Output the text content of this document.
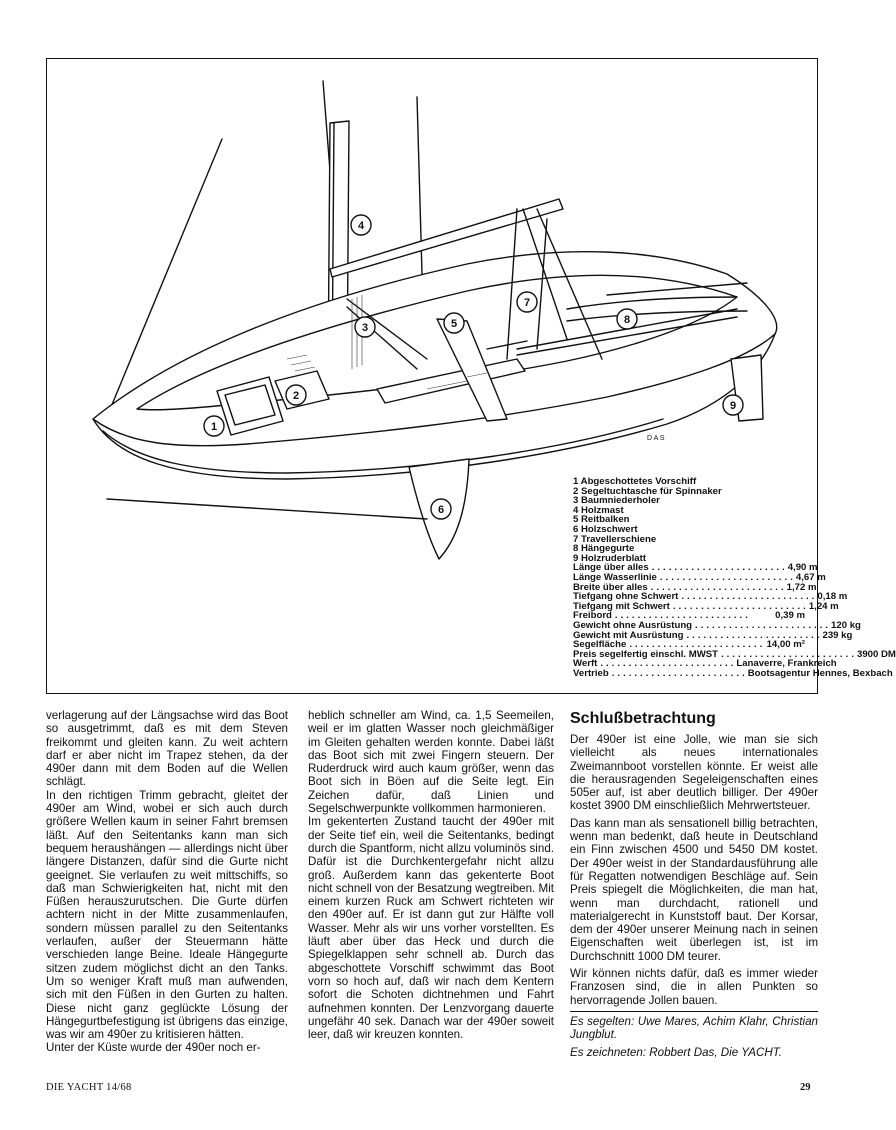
1
2
3
4
5
6
7
8
9
D A S
1 Abgeschottetes Vorschiff
2 Segeltuchtasche für Spinnaker
3 Baumniederholer
4 Holzmast
5 Reitbalken
6 Holzschwert
7 Travellerschiene
8 Hängegurte
9 Holzruderblatt
Länge über alles ........................ 4,90 m
Länge Wasserlinie ........................ 4,67 m
Breite über alles ........................ 1,72 m
Tiefgang ohne Schwert ........................ 0,18 m
Tiefgang mit Schwert ........................ 1,24 m
Freibord ........................	0,39 m
Gewicht ohne Ausrüstung ........................ 120 kg
Gewicht mit Ausrüstung ........................ 239 kg
Segelfläche ........................ 14,00 m²
Preis segelfertig einschl. MWST ........................ 3900 DM
Werft ........................ Lanaverre, Frankreich
Vertrieb ........................ Bootsagentur Hennes, Bexbach

verlagerung auf der Längsachse wird das Boot so ausgetrimmt, daß es mit dem Steven freikommt und gleiten kann. Zu weit achtern darf er aber nicht im Trapez stehen, da der 490er dann mit dem Boden auf die Wellen schlägt.

In den richtigen Trimm gebracht, gleitet der 490er am Wind, wobei er sich auch durch größere Wellen kaum in seiner Fahrt bremsen läßt. Auf den Seitentanks kann man sich bequem heraushängen — allerdings nicht über längere Distanzen, dafür sind die Gurte nicht geeignet. Sie verlaufen zu weit mittschiffs, so daß man Schwierigkeiten hat, nicht mit den Füßen herauszurutschen. Die Gurte dürfen achtern nicht in der Mitte zusammenlaufen, sondern müssen parallel zu den Seitentanks verlaufen, außer der Steuermann hätte verschieden lange Beine. Ideale Hängegurte sitzen zudem möglichst dicht an den Tanks. Um so weniger Kraft muß man aufwenden, sich mit den Füßen in den Gurten zu halten. Diese nicht ganz geglückte Lösung der Hängegurtbefestigung ist übrigens das einzige, was wir am 490er zu kritisieren hätten.

Unter der Küste wurde der 490er noch er-

heblich schneller am Wind, ca. 1,5 Seemeilen, weil er im glatten Wasser noch gleichmäßiger im Gleiten gehalten werden konnte. Dabei läßt das Boot sich mit zwei Fingern steuern. Der Ruderdruck wird auch kaum größer, wenn das Boot sich in Böen auf die Seite legt. Ein Zeichen dafür, daß Linien und Segelschwerpunkte vollkommen harmonieren.

Im gekenterten Zustand taucht der 490er mit der Seite tief ein, weil die Seitentanks, bedingt durch die Spantform, nicht allzu voluminös sind. Dafür ist die Durchkentergefahr nicht allzu groß. Außerdem kann das gekenterte Boot nicht schnell von der Besatzung wegtreiben. Mit einem kurzen Ruck am Schwert richteten wir den 490er auf. Er ist dann gut zur Hälfte voll Wasser. Mehr als wir uns vorher vorstellten. Es läuft aber über das Heck und durch die Spiegelklappen sehr schnell ab. Durch das abgeschottete Vorschiff schwimmt das Boot vorn so hoch auf, daß wir nach dem Kentern sofort die Schoten dichtnehmen und Fahrt aufnehmen konnten. Der Lenzvorgang dauerte ungefähr 40 sek. Danach war der 490er soweit leer, daß wir kreuzen konnten.

Schlußbetrachtung

Der 490er ist eine Jolle, wie man sie sich vielleicht als neues internationales Zweimannboot vorstellen könnte. Er weist alle die herausragenden Segeleigenschaften eines 505er auf, ist aber deutlich billiger. Der 490er kostet 3900 DM einschließlich Mehrwertsteuer.

Das kann man als sensationell billig betrachten, wenn man bedenkt, daß heute in Deutschland ein Finn zwischen 4500 und 5450 DM kostet. Der 490er weist in der Standardausführung alle für Regatten notwendigen Beschläge auf. Sein Preis spiegelt die Möglichkeiten, die man hat, wenn man durchdacht, rationell und materialgerecht in Kunststoff baut. Der Korsar, dem der 490er unserer Meinung nach in seinen Eigenschaften weit überlegen ist, ist im Durchschnitt 1000 DM teurer.

Wir können nichts dafür, daß es immer wieder Franzosen sind, die in allen Punkten so hervorragende Jollen bauen.

Es segelten: Uwe Mares, Achim Klahr, Christian Jungblut.

Es zeichneten: Robbert Das, Die YACHT.

DIE YACHT 14/68	29
